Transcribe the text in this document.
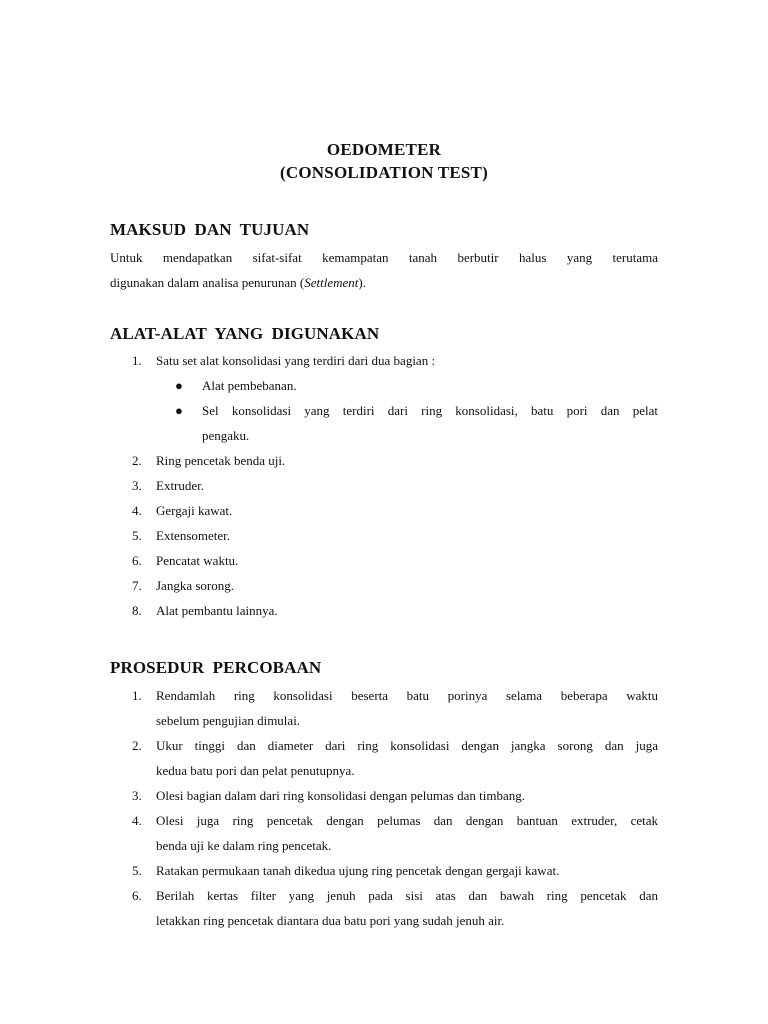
OEDOMETER
(CONSOLIDATION TEST)
MAKSUD DAN TUJUAN
Untuk mendapatkan sifat-sifat kemampatan tanah berbutir halus yang terutama
digunakan dalam analisa penurunan (Settlement).
ALAT-ALAT YANG DIGUNAKAN
1.	Satu set alat konsolidasi yang terdiri dari dua bagian :
● Alat pembebanan.
● Sel konsolidasi yang terdiri dari ring konsolidasi, batu pori dan pelat
pengaku.
2.	Ring pencetak benda uji.
3.	Extruder.
4.	Gergaji kawat.
5.	Extensometer.
6.	Pencatat waktu.
7.	Jangka sorong.
8.	Alat pembantu lainnya.
PROSEDUR PERCOBAAN
1.	Rendamlah ring konsolidasi beserta batu porinya selama beberapa waktu
sebelum pengujian dimulai.
2.	Ukur tinggi dan diameter dari ring konsolidasi dengan jangka sorong dan juga
kedua batu pori dan pelat penutupnya.
3.	Olesi bagian dalam dari ring konsolidasi dengan pelumas dan timbang.
4.	Olesi juga ring pencetak dengan pelumas dan dengan bantuan extruder, cetak
benda uji ke dalam ring pencetak.
5.	Ratakan permukaan tanah dikedua ujung ring pencetak dengan gergaji kawat.
6.	Berilah kertas filter yang jenuh pada sisi atas dan bawah ring pencetak dan
letakkan ring pencetak diantara dua batu pori yang sudah jenuh air.
